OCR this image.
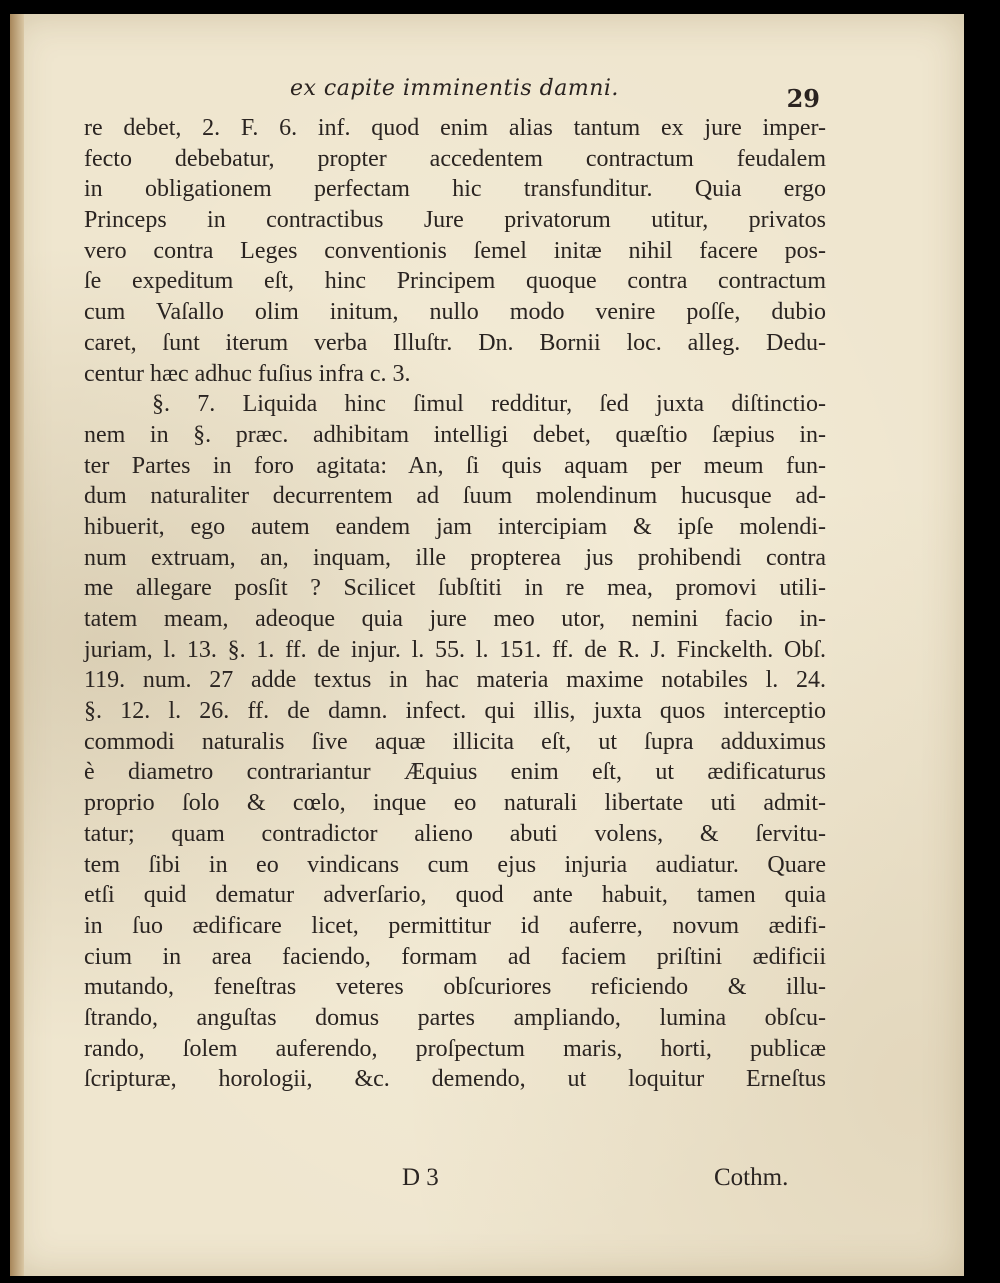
ex capite imminentis damni.	29
re debet, 2. F. 6. inf. quod enim alias tantum ex jure imper-
fecto debebatur, propter accedentem contractum feudalem
in obligationem perfectam hic transfunditur. Quia ergo
Princeps in contractibus Jure privatorum utitur, privatos
vero contra Leges conventionis ſemel initæ nihil facere pos-
ſe expeditum eſt, hinc Principem quoque contra contractum
cum Vaſallo olim initum, nullo modo venire poſſe, dubio
caret, ſunt iterum verba Illuſtr. Dn. Bornii loc. alleg. Dedu-
centur hæc adhuc fuſius infra c. 3.
§. 7. Liquida hinc ſimul redditur, ſed juxta diſtinctio-
nem in §. præc. adhibitam intelligi debet, quæſtio ſæpius in-
ter Partes in foro agitata: An, ſi quis aquam per meum fun-
dum naturaliter decurrentem ad ſuum molendinum hucusque ad-
hibuerit, ego autem eandem jam intercipiam & ipſe molendi-
num extruam, an, inquam, ille propterea jus prohibendi contra
me allegare posſit ? Scilicet ſubſtiti in re mea, promovi utili-
tatem meam, adeoque quia jure meo utor, nemini facio in-
juriam, l. 13. §. 1. ff. de injur. l. 55. l. 151. ff. de R. J. Finckelth. Obſ.
119. num. 27 adde textus in hac materia maxime notabiles l. 24.
§. 12. l. 26. ff. de damn. infect. qui illis, juxta quos interceptio
commodi naturalis ſive aquæ illicita eſt, ut ſupra adduximus
è diametro contrariantur Æquius enim eſt, ut ædificaturus
proprio ſolo & cœlo, inque eo naturali libertate uti admit-
tatur; quam contradictor alieno abuti volens, & ſervitu-
tem ſibi in eo vindicans cum ejus injuria audiatur. Quare
etſi quid dematur adverſario, quod ante habuit, tamen quia
in ſuo ædificare licet, permittitur id auferre, novum ædifi-
cium in area faciendo, formam ad faciem priſtini ædificii
mutando, feneſtras veteres obſcuriores reficiendo & illu-
ſtrando, anguſtas domus partes ampliando, lumina obſcu-
rando, ſolem auferendo, proſpectum maris, horti, publicæ
ſcripturæ, horologii, &c. demendo, ut loquitur Erneſtus
D 3	Cothm.
